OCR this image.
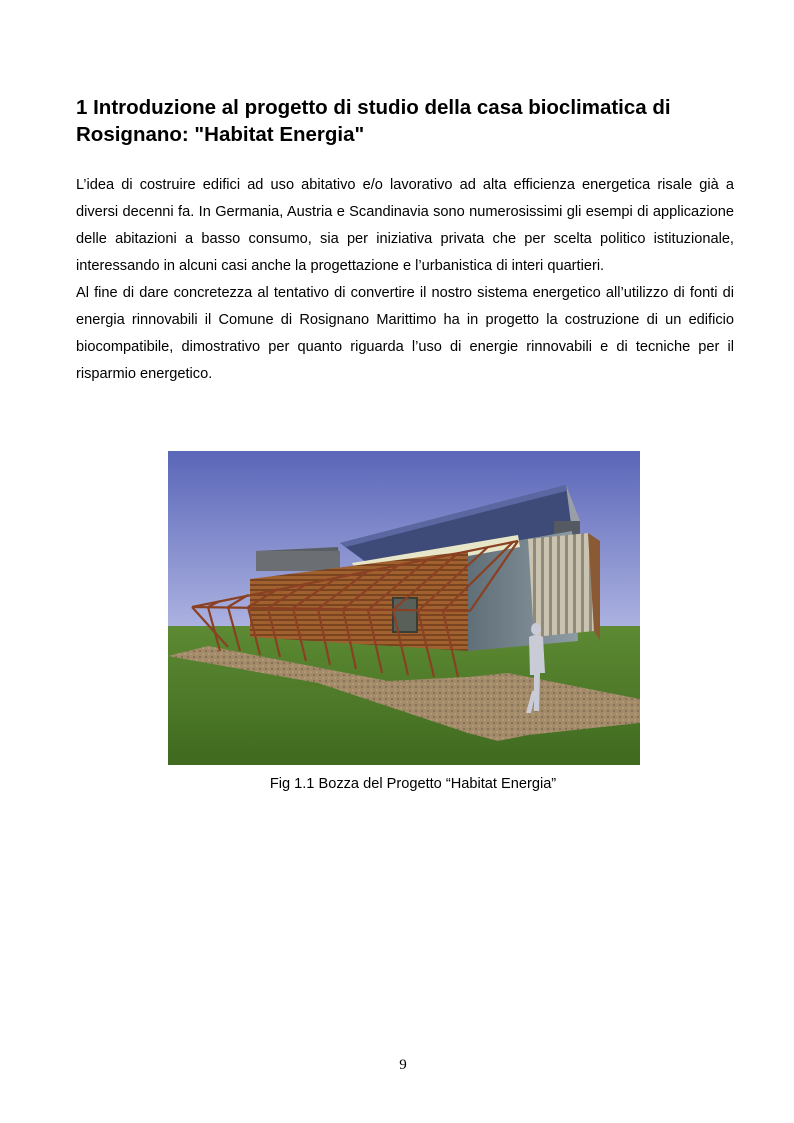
1 Introduzione al progetto di studio della casa bioclimatica di Rosignano: "Habitat Energia"

L’idea di costruire edifici ad uso abitativo e/o lavorativo ad alta efficienza energetica risale già a diversi decenni fa. In Germania, Austria e Scandinavia sono numerosissimi gli esempi di applicazione delle abitazioni a basso consumo, sia per iniziativa privata che per scelta politico istituzionale, interessando in alcuni casi anche la progettazione e l’urbanistica di interi quartieri.

Al fine di dare concretezza al tentativo di convertire il nostro sistema energetico all’utilizzo di fonti di energia rinnovabili il Comune di Rosignano Marittimo ha in progetto la costruzione di un edificio biocompatibile, dimostrativo per quanto riguarda l’uso di energie rinnovabili e di tecniche per il risparmio energetico.

Fig 1.1 Bozza del Progetto “Habitat Energia”
9
